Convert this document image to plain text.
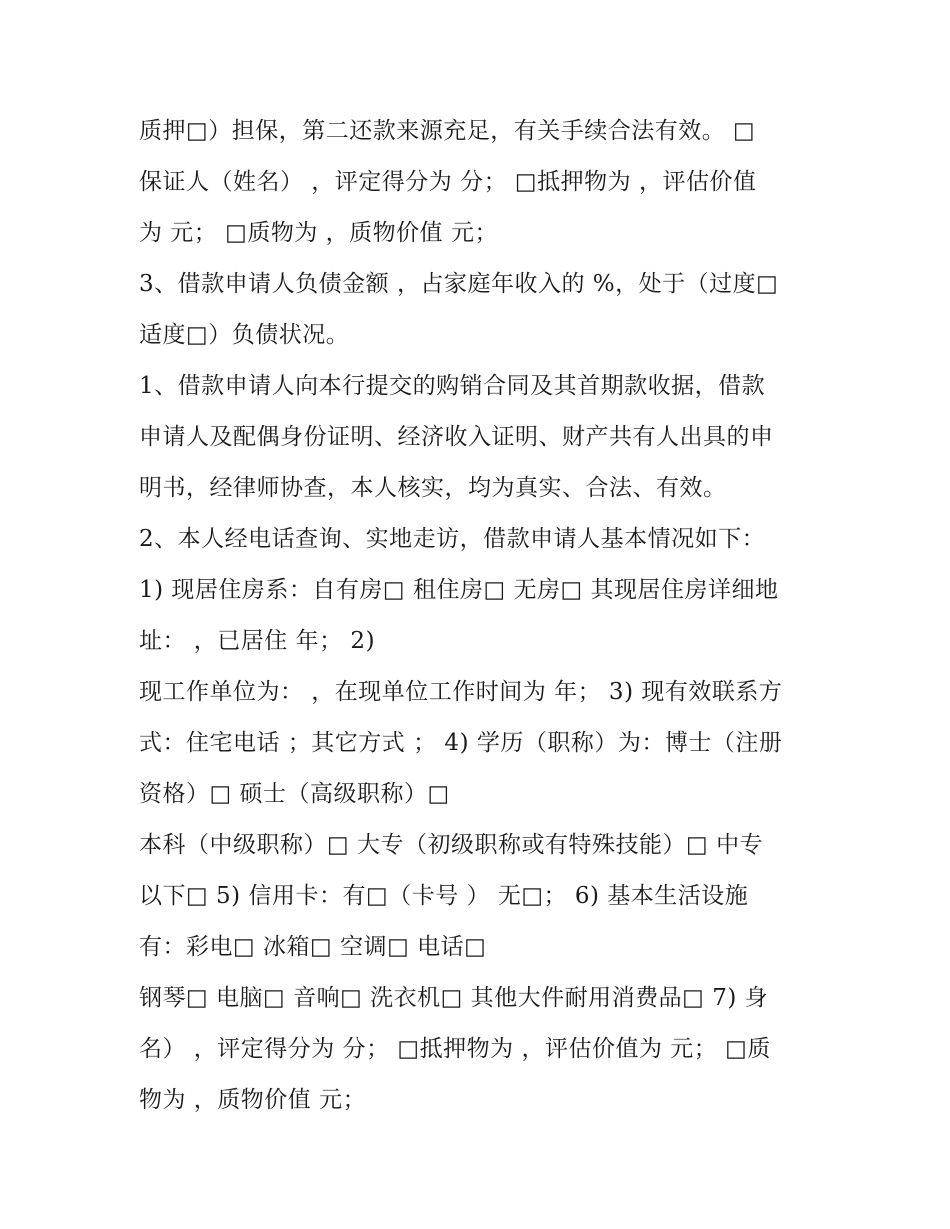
质押□）担保，第二还款来源充足，有关手续合法有效。 □
保证人（姓名） ，评定得分为 分； □抵押物为 ，评估价值
为 元； □质物为 ，质物价值 元；
3、借款申请人负债金额 ，占家庭年收入的 %，处于（过度□
适度□）负债状况。
1、借款申请人向本行提交的购销合同及其首期款收据，借款
申请人及配偶身份证明、经济收入证明、财产共有人出具的申
明书，经律师协查，本人核实，均为真实、合法、有效。
2、本人经电话查询、实地走访，借款申请人基本情况如下：
1) 现居住房系：自有房□ 租住房□ 无房□ 其现居住房详细地
址： ，已居住 年； 2)
现工作单位为： ，在现单位工作时间为 年； 3) 现有效联系方
式：住宅电话 ；其它方式 ； 4) 学历（职称）为：博士（注册
资格）□ 硕士（高级职称）□
本科（中级职称）□ 大专（初级职称或有特殊技能）□ 中专
以下□ 5) 信用卡：有□（卡号 ） 无□； 6) 基本生活设施
有：彩电□ 冰箱□ 空调□ 电话□
钢琴□ 电脑□ 音响□ 洗衣机□ 其他大件耐用消费品□ 7) 身
名） ，评定得分为 分； □抵押物为 ，评估价值为 元； □质
物为 ，质物价值 元；
